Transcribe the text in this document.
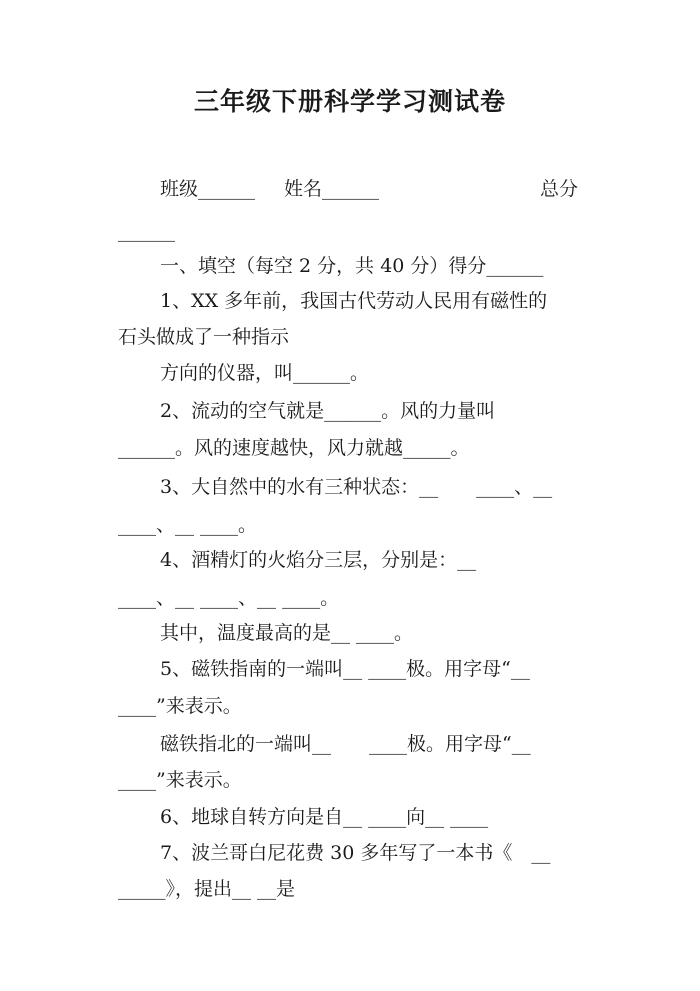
三年级下册科学学习测试卷
班级______ 姓名______	总分
______
一、填空（每空 2 分，共 40 分）得分______
1、XX 多年前，我国古代劳动人民用有磁性的
石头做成了一种指示
方向的仪器，叫______。
2、流动的空气就是______。风的力量叫
______。风的速度越快，风力就越_____。
3、大自然中的水有三种状态：__　　____、__
____、__ ____。
4、酒精灯的火焰分三层，分别是：__
____、__ ____、__ ____。
其中，温度最高的是__ ____。
5、磁铁指南的一端叫__ ____极。用字母“__
____”来表示。
磁铁指北的一端叫__　　____极。用字母“__
____”来表示。
6、地球自转方向是自__ ____向__ ____
7、波兰哥白尼花费 30 多年写了一本书《　__
_____》，提出__ __是
